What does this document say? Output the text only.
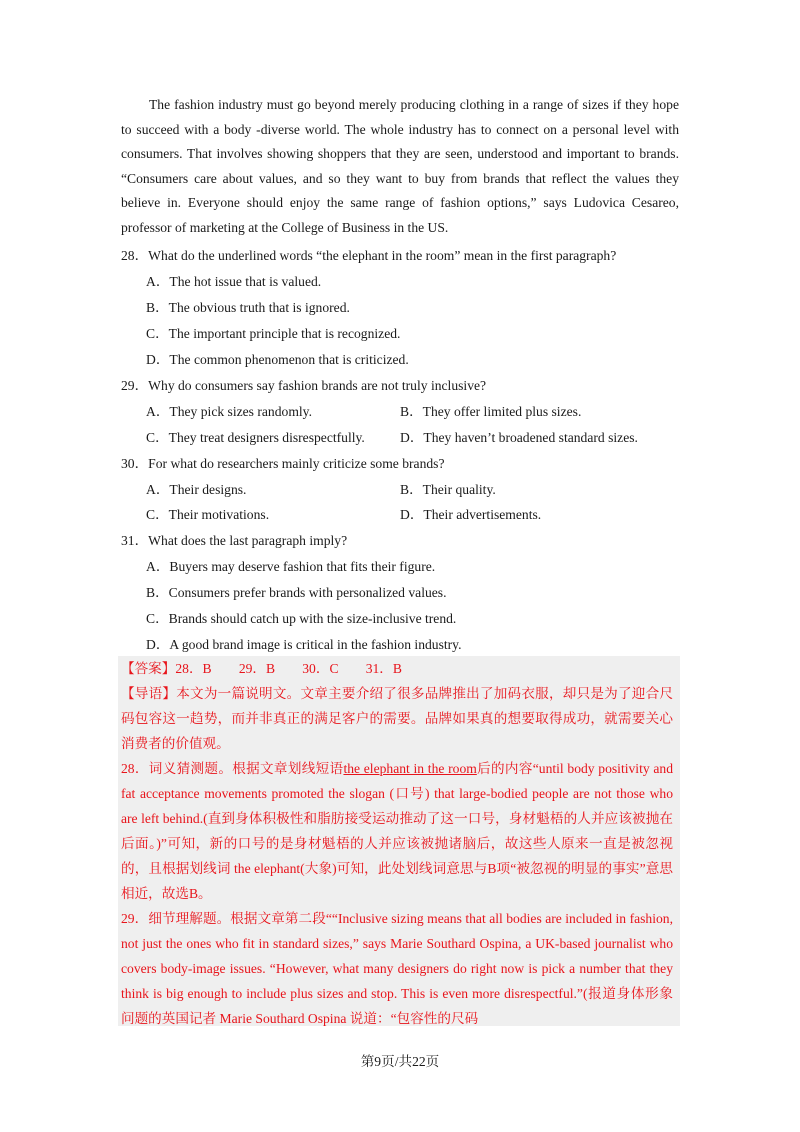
The fashion industry must go beyond merely producing clothing in a range of sizes if they hope to succeed with a body -diverse world. The whole industry has to connect on a personal level with consumers. That involves showing shoppers that they are seen, understood and important to brands. “Consumers care about values, and so they want to buy from brands that reflect the values they believe in. Everyone should enjoy the same range of fashion options,” says Ludovica Cesareo, professor of marketing at the College of Business in the US.

28．What do the underlined words “the elephant in the room” mean in the first paragraph?
A．The hot issue that is valued.
B．The obvious truth that is ignored.
C．The important principle that is recognized.
D．The common phenomenon that is criticized.
29．Why do consumers say fashion brands are not truly inclusive?
A．They pick sizes randomly.	B．They offer limited plus sizes.
C．They treat designers disrespectfully.	D．They haven’t broadened standard sizes.
30．For what do researchers mainly criticize some brands?
A．Their designs.	B．Their quality.
C．Their motivations.	D．Their advertisements.
31．What does the last paragraph imply?
A．Buyers may deserve fashion that fits their figure.
B．Consumers prefer brands with personalized values.
C．Brands should catch up with the size-inclusive trend.
D．A good brand image is critical in the fashion industry.

【答案】28．B　　29．B　　30．C　　31．B

【导语】本文为一篇说明文。文章主要介绍了很多品牌推出了加码衣服，却只是为了迎合尺码包容这一趋势，而并非真正的满足客户的需要。品牌如果真的想要取得成功，就需要关心消费者的价值观。

28．词义猜测题。根据文章划线短语the elephant in the room后的内容“until body positivity and fat acceptance movements promoted the slogan (口号) that large-bodied people are not those who are left behind.(直到身体积极性和脂肪接受运动推动了这一口号，身材魁梧的人并应该被抛在后面。)”可知，新的口号的是身材魁梧的人并应该被抛诸脑后，故这些人原来一直是被忽视的，且根据划线词 the elephant(大象)可知，此处划线词意思与B项“被忽视的明显的事实”意思相近，故选B。

29．细节理解题。根据文章第二段““Inclusive sizing means that all bodies are included in fashion, not just the ones who fit in standard sizes,” says Marie Southard Ospina, a UK-based journalist who covers body-image issues. “However, what many designers do right now is pick a number that they think is big enough to include plus sizes and stop. This is even more disrespectful.”(报道身体形象问题的英国记者 Marie Southard Ospina 说道：“包容性的尺码

第9页/共22页
